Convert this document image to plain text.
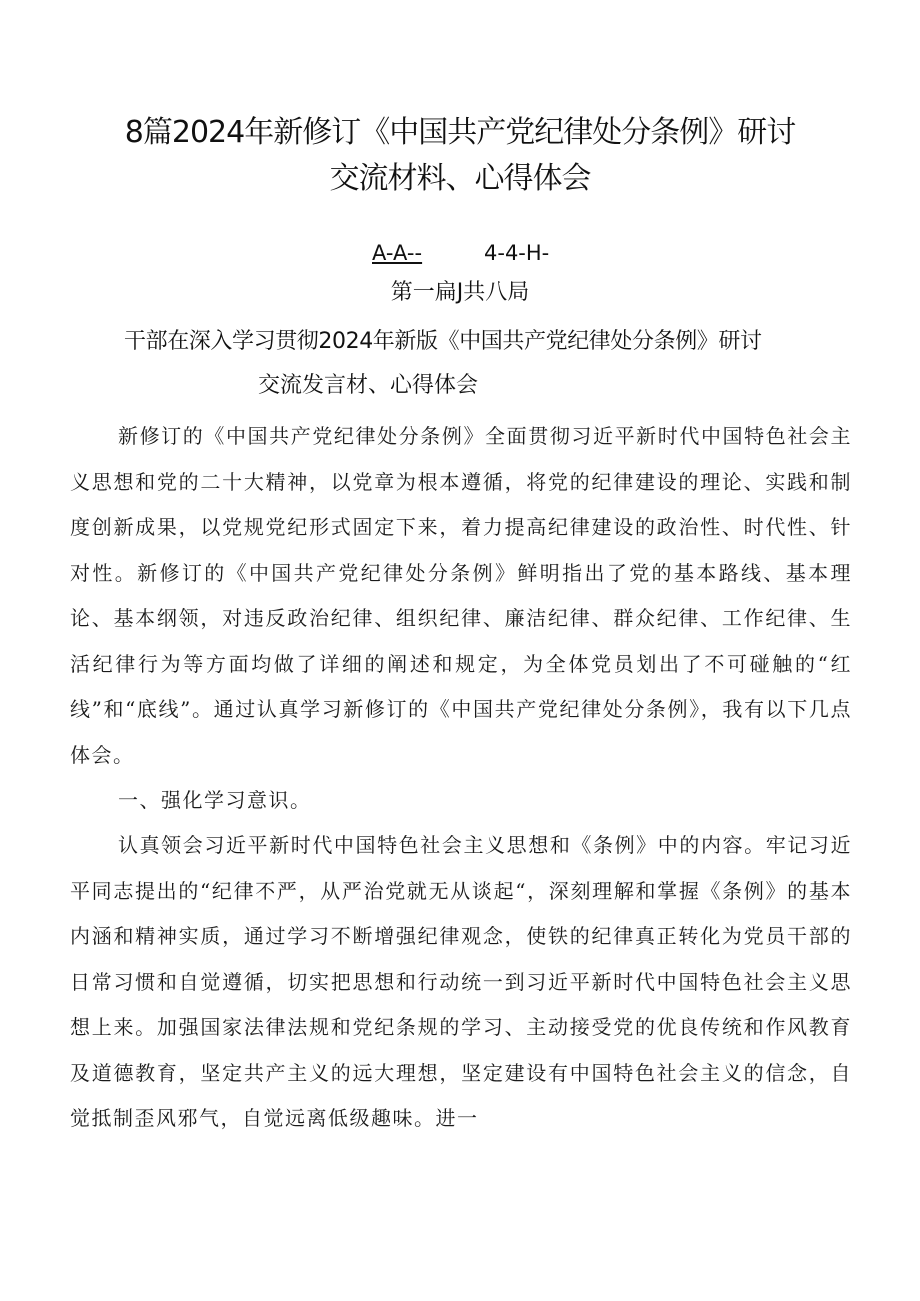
8篇2024年新修订《中国共产党纪律处分条例》研讨
交流材料、心得体会
A-A--	4-4-H-
第一扁J共八局
干部在深入学习贯彻2024年新版《中国共产党纪律处分条例》研讨
交流发言材、心得体会

新修订的《中国共产党纪律处分条例》全面贯彻习近平新时代中国特色社会主义思想和党的二十大精神，以党章为根本遵循，将党的纪律建设的理论、实践和制度创新成果，以党规党纪形式固定下来，着力提高纪律建设的政治性、时代性、针对性。新修订的《中国共产党纪律处分条例》鲜明指出了党的基本路线、基本理论、基本纲领，对违反政治纪律、组织纪律、廉洁纪律、群众纪律、工作纪律、生活纪律行为等方面均做了详细的阐述和规定，为全体党员划出了不可碰触的“红线”和“底线”。通过认真学习新修订的《中国共产党纪律处分条例》，我有以下几点体会。

一、强化学习意识。

认真领会习近平新时代中国特色社会主义思想和《条例》中的内容。牢记习近平同志提出的“纪律不严，从严治党就无从谈起“，深刻理解和掌握《条例》的基本内涵和精神实质，通过学习不断增强纪律观念，使铁的纪律真正转化为党员干部的日常习惯和自觉遵循，切实把思想和行动统一到习近平新时代中国特色社会主义思想上来。加强国家法律法规和党纪条规的学习、主动接受党的优良传统和作风教育及道德教育，坚定共产主义的远大理想，坚定建设有中国特色社会主义的信念，自觉抵制歪风邪气，自觉远离低级趣味。进一
